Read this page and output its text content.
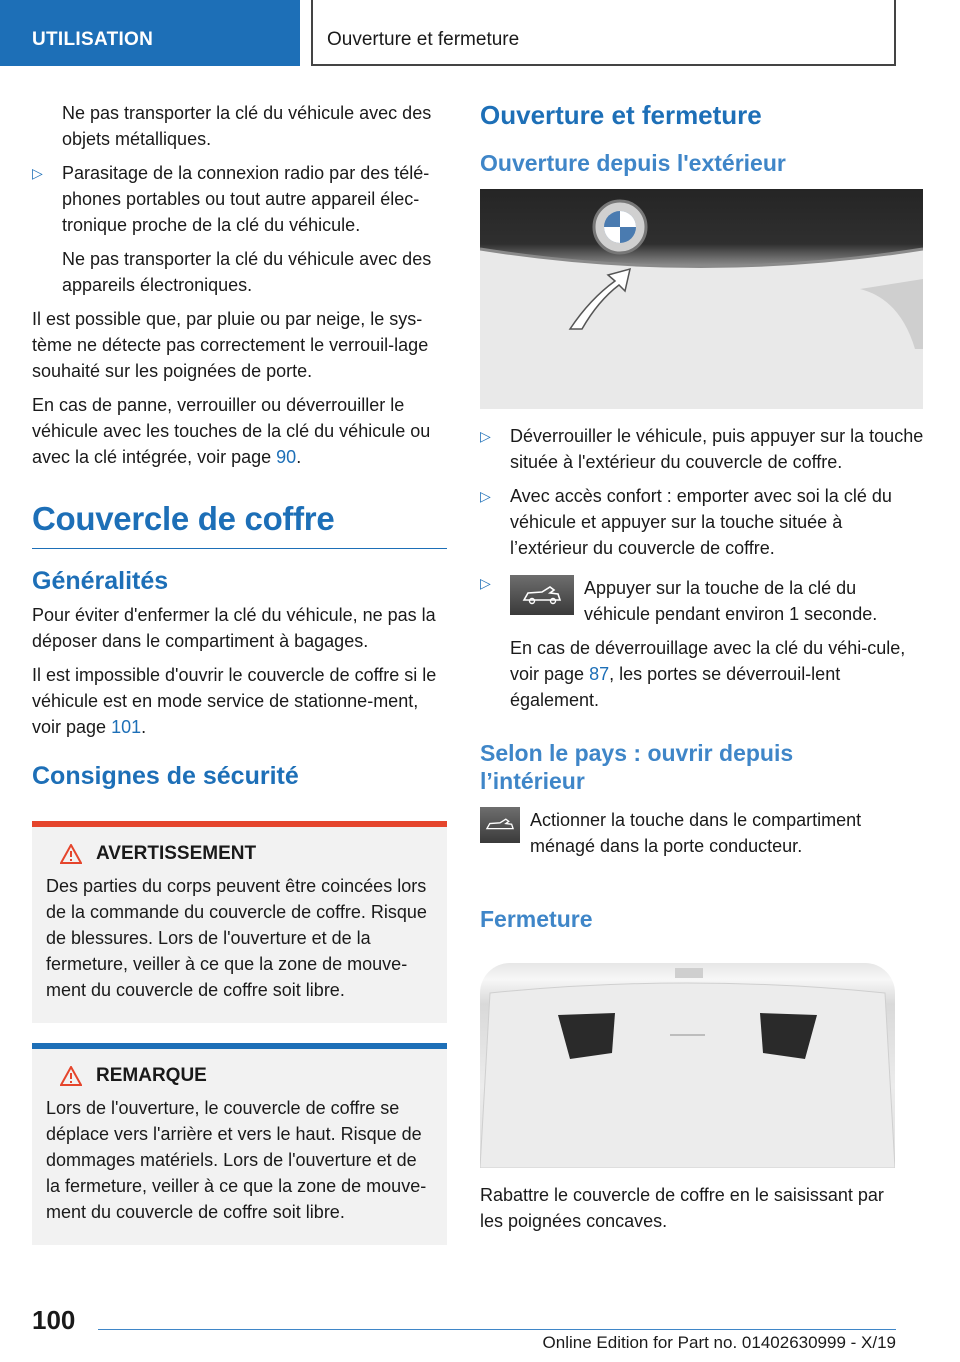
UTILISATION	Ouverture et fermeture

Ne pas transporter la clé du véhicule avec des objets métalliques.

▷ Parasitage de la connexion radio par des télé-phones portables ou tout autre appareil élec-tronique proche de la clé du véhicule.

Ne pas transporter la clé du véhicule avec des appareils électroniques.

Il est possible que, par pluie ou par neige, le sys-tème ne détecte pas correctement le verrouil-lage souhaité sur les poignées de porte.

En cas de panne, verrouiller ou déverrouiller le véhicule avec les touches de la clé du véhicule ou avec la clé intégrée, voir page 90.

Couvercle de coffre
Généralités

Pour éviter d'enfermer la clé du véhicule, ne pas la déposer dans le compartiment à bagages.

Il est impossible d'ouvrir le couvercle de coffre si le véhicule est en mode service de stationne-ment, voir page 101.

Consignes de sécurité
AVERTISSEMENT

Des parties du corps peuvent être coincées lors de la commande du couvercle de coffre. Risque de blessures. Lors de l'ouverture et de la fermeture, veiller à ce que la zone de mouve-ment du couvercle de coffre soit libre.

REMARQUE

Lors de l'ouverture, le couvercle de coffre se déplace vers l'arrière et vers le haut. Risque de dommages matériels. Lors de l'ouverture et de la fermeture, veiller à ce que la zone de mouve-ment du couvercle de coffre soit libre.

Ouverture et fermeture
Ouverture depuis l'extérieur

▷ Déverrouiller le véhicule, puis appuyer sur la touche située à l'extérieur du couvercle de coffre.

▷ Avec accès confort : emporter avec soi la clé du véhicule et appuyer sur la touche située à l’extérieur du couvercle de coffre.

▷	Appuyer sur la touche de la clé du véhicule pendant environ 1 seconde.

En cas de déverrouillage avec la clé du véhi-cule, voir page 87, les portes se déverrouil-lent également.

Selon le pays : ouvrir depuis l’intérieur

Actionner la touche dans le compartiment ménagé dans la porte conducteur.

Fermeture

Rabattre le couvercle de coffre en le saisissant par les poignées concaves.

100
Online Edition for Part no. 01402630999 - X/19
